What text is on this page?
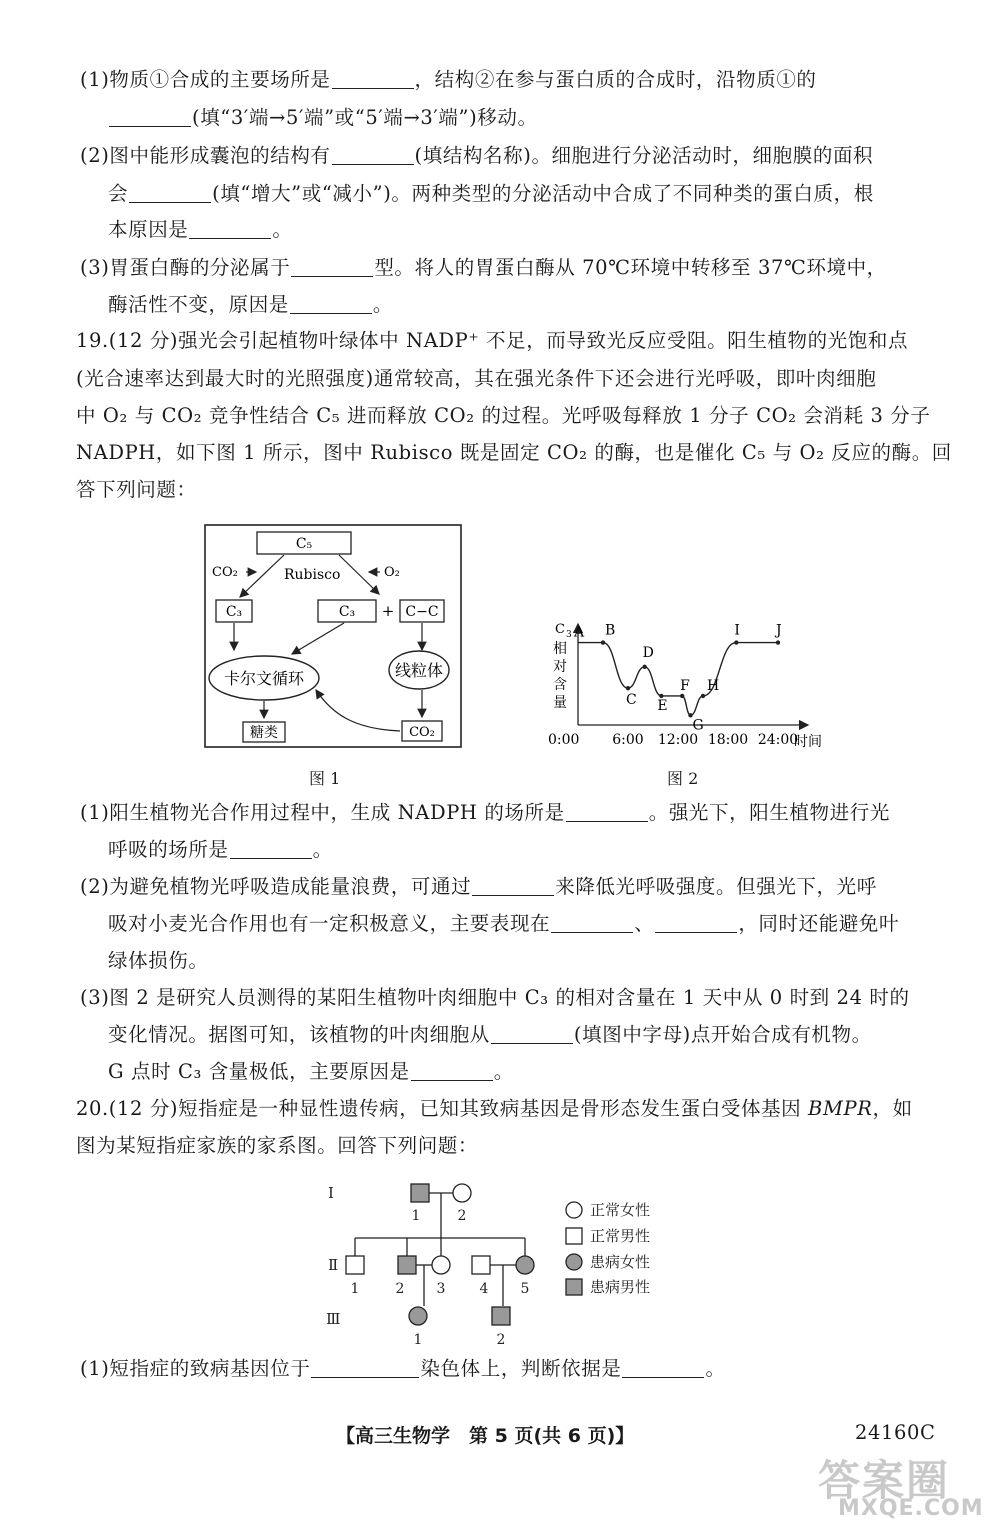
(1)物质①合成的主要场所是	，结构②在参与蛋白质的合成时，沿物质①的
(填“3′端→5′端”或“5′端→3′端”)移动。
(2)图中能形成囊泡的结构有	(填结构名称)。细胞进行分泌活动时，细胞膜的面积
会	(填“增大”或“减小”)。两种类型的分泌活动中合成了不同种类的蛋白质，根
本原因是	。
(3)胃蛋白酶的分泌属于	型。将人的胃蛋白酶从 70℃环境中转移至 37℃环境中，
酶活性不变，原因是	。
19.(12 分)强光会引起植物叶绿体中 NADP⁺ 不足，而导致光反应受阻。阳生植物的光饱和点
(光合速率达到最大时的光照强度)通常较高，其在强光条件下还会进行光呼吸，即叶肉细胞
中 O₂ 与 CO₂ 竞争性结合 C₅ 进而释放 CO₂ 的过程。光呼吸每释放 1 分子 CO₂ 会消耗 3 分子
NADPH，如下图 1 所示，图中 Rubisco 既是固定 CO₂ 的酶，也是催化 C₅ 与 O₂ 反应的酶。回
答下列问题：
C₅
CO₂	Rubisco	O₂
C₃	C₃ + C−C
卡尔文循环	线粒体
CO₂
糖类
图 1
C 3
相
对
含
量
0:00 6:00 12:00 18:00 24:00
时间
A B
C
D
E
F
G
H
I	J
图 2
(1)阳生植物光合作用过程中，生成 NADPH 的场所是	。强光下，阳生植物进行光
呼吸的场所是	。
(2)为避免植物光呼吸造成能量浪费，可通过	来降低光呼吸强度。但强光下，光呼
吸对小麦光合作用也有一定积极意义，主要表现在	、	，同时还能避免叶
绿体损伤。
(3)图 2 是研究人员测得的某阳生植物叶肉细胞中 C₃ 的相对含量在 1 天中从 0 时到 24 时的
变化情况。据图可知，该植物的叶肉细胞从	(填图中字母)点开始合成有机物。
G 点时 C₃ 含量极低，主要原因是	。
20.(12 分)短指症是一种显性遗传病，已知其致病基因是骨形态发生蛋白受体基因 BMPR，如
图为某短指症家族的家系图。回答下列问题：
Ⅰ
Ⅱ
Ⅲ
1	2
1	2 3 4 5
1	2
正常女性
正常男性
患病女性
患病男性
(1)短指症的致病基因位于	染色体上，判断依据是	。
【高三生物学　第 5 页(共 6 页)】	24160C
答案圈
MXQE.COM
